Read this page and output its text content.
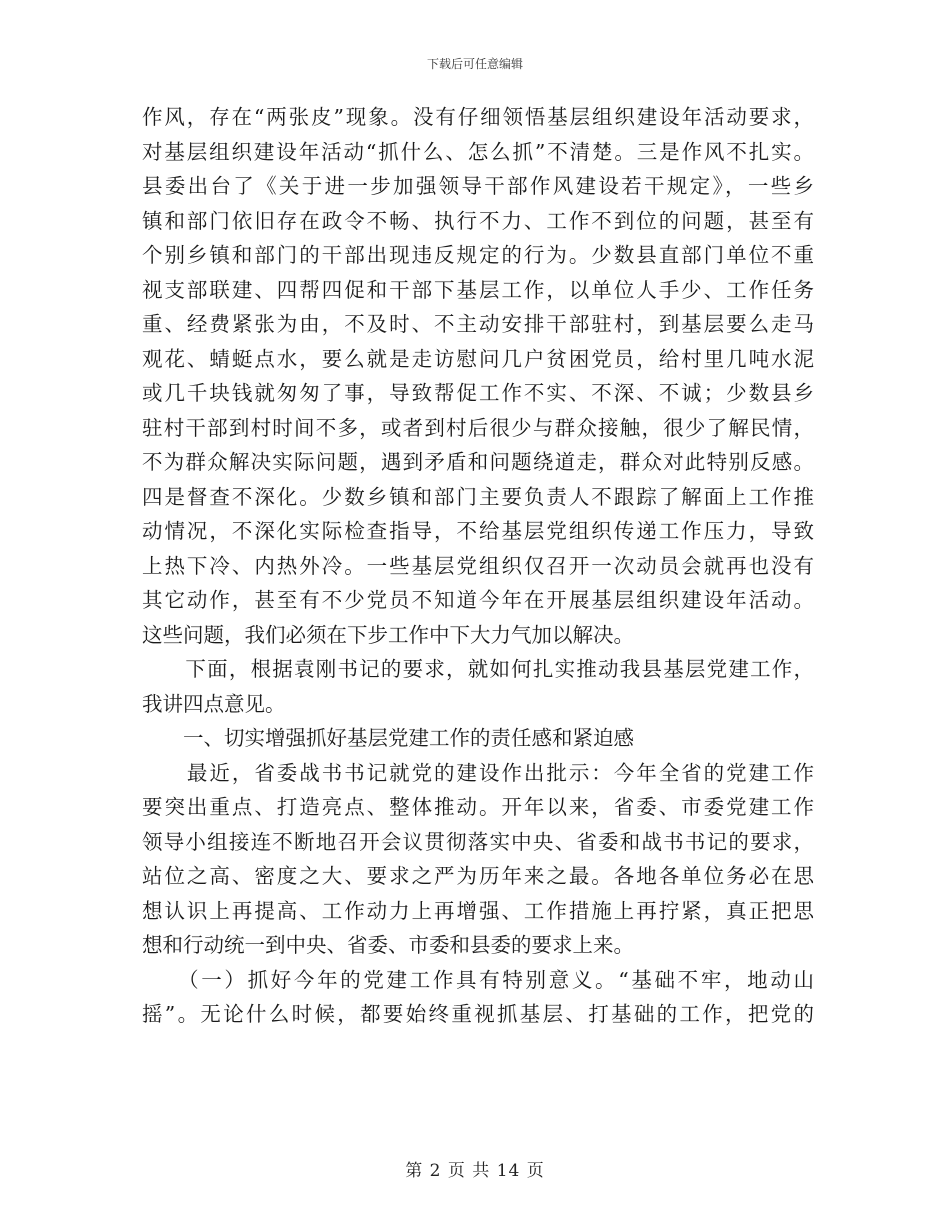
下载后可任意编辑
作风，存在“两张皮”现象。没有仔细领悟基层组织建设年活动要求，
对基层组织建设年活动“抓什么、怎么抓”不清楚。三是作风不扎实。
县委出台了《关于进一步加强领导干部作风建设若干规定》，一些乡
镇和部门依旧存在政令不畅、执行不力、工作不到位的问题，甚至有
个别乡镇和部门的干部出现违反规定的行为。少数县直部门单位不重
视支部联建、四帮四促和干部下基层工作，以单位人手少、工作任务
重、经费紧张为由，不及时、不主动安排干部驻村，到基层要么走马
观花、蜻蜓点水，要么就是走访慰问几户贫困党员，给村里几吨水泥
或几千块钱就匆匆了事，导致帮促工作不实、不深、不诚；少数县乡
驻村干部到村时间不多，或者到村后很少与群众接触，很少了解民情，
不为群众解决实际问题，遇到矛盾和问题绕道走，群众对此特别反感。
四是督查不深化。少数乡镇和部门主要负责人不跟踪了解面上工作推
动情况，不深化实际检查指导，不给基层党组织传递工作压力，导致
上热下冷、内热外冷。一些基层党组织仅召开一次动员会就再也没有
其它动作，甚至有不少党员不知道今年在开展基层组织建设年活动。
这些问题，我们必须在下步工作中下大力气加以解决。
　　下面，根据袁刚书记的要求，就如何扎实推动我县基层党建工作，
我讲四点意见。
　　一、切实增强抓好基层党建工作的责任感和紧迫感
　　最近，省委战书书记就党的建设作出批示：今年全省的党建工作
要突出重点、打造亮点、整体推动。开年以来，省委、市委党建工作
领导小组接连不断地召开会议贯彻落实中央、省委和战书书记的要求，
站位之高、密度之大、要求之严为历年来之最。各地各单位务必在思
想认识上再提高、工作动力上再增强、工作措施上再拧紧，真正把思
想和行动统一到中央、省委、市委和县委的要求上来。
　　（一）抓好今年的党建工作具有特别意义。“基础不牢，地动山
摇”。无论什么时候，都要始终重视抓基层、打基础的工作，把党的
第 2 页 共 14 页
